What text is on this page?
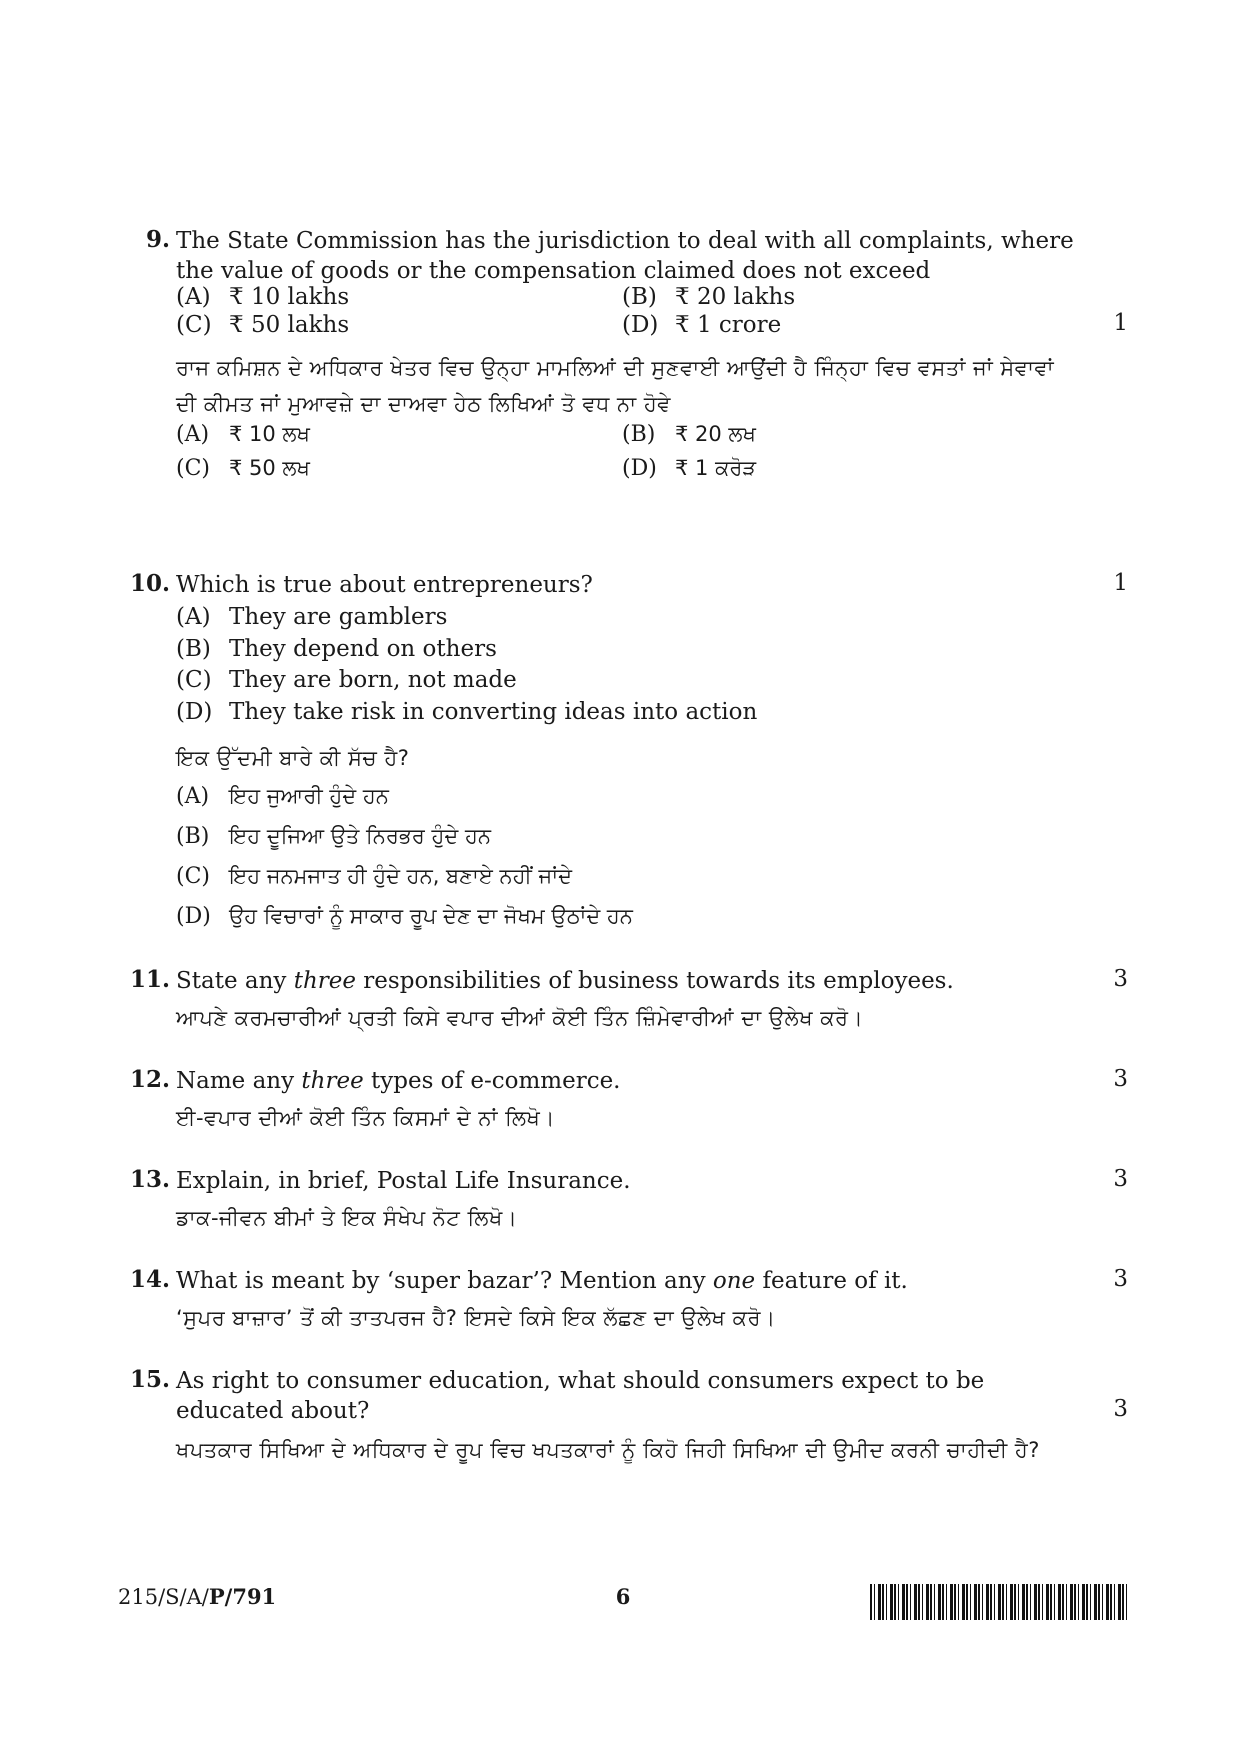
9. The State Commission has the jurisdiction to deal with all complaints, where the value of goods or the compensation claimed does not exceed
(A) ₹ 10 lakhs	(B) ₹ 20 lakhs
(C) ₹ 50 lakhs	(D) ₹ 1 crore	1
ਰਾਜ ਕਮਿਸ਼ਨ ਦੇ ਅਧਿਕਾਰ ਖੇਤਰ ਵਿਚ ਉਨ੍ਹਾ ਮਾਮਲਿਆਂ ਦੀ ਸੁਣਵਾਈ ਆਉਂਦੀ ਹੈ ਜਿੰਨ੍ਹਾ ਵਿਚ ਵਸਤਾਂ ਜਾਂ ਸੇਵਾਵਾਂ ਦੀ ਕੀਮਤ ਜਾਂ ਮੁਆਵਜ਼ੇ ਦਾ ਦਾਅਵਾ ਹੇਠ ਲਿਖਿਆਂ ਤੋ ਵਧ ਨਾ ਹੋਵੇ
(A) ₹ 10 ਲਖ	(B) ₹ 20 ਲਖ
(C) ₹ 50 ਲਖ	(D) ₹ 1 ਕਰੋੜ
10. Which is true about entrepreneurs?	1
(A) They are gamblers
(B) They depend on others
(C) They are born, not made
(D) They take risk in converting ideas into action
ਇਕ ਉੱਦਮੀ ਬਾਰੇ ਕੀ ਸੱਚ ਹੈ?
(A) ਇਹ ਜੁਆਰੀ ਹੁੰਦੇ ਹਨ
(B) ਇਹ ਦੂਜਿਆ ਉਤੇ ਨਿਰਭਰ ਹੁੰਦੇ ਹਨ
(C) ਇਹ ਜਨਮਜਾਤ ਹੀ ਹੁੰਦੇ ਹਨ, ਬਣਾਏ ਨਹੀਂ ਜਾਂਦੇ
(D) ਉਹ ਵਿਚਾਰਾਂ ਨੂੰ ਸਾਕਾਰ ਰੂਪ ਦੇਣ ਦਾ ਜੋਖਮ ਉਠਾਂਦੇ ਹਨ
11. State any three responsibilities of business towards its employees.	3
ਆਪਣੇ ਕਰਮਚਾਰੀਆਂ ਪ੍ਰਤੀ ਕਿਸੇ ਵਪਾਰ ਦੀਆਂ ਕੋਈ ਤਿੰਨ ਜ਼ਿੰਮੇਵਾਰੀਆਂ ਦਾ ਉਲੇਖ ਕਰੋ।
12. Name any three types of e-commerce.	3
ਈ-ਵਪਾਰ ਦੀਆਂ ਕੋਈ ਤਿੰਨ ਕਿਸਮਾਂ ਦੇ ਨਾਂ ਲਿਖੋ।
13. Explain, in brief, Postal Life Insurance.	3
ਡਾਕ-ਜੀਵਨ ਬੀਮਾਂ ਤੇ ਇਕ ਸੰਖੇਪ ਨੋਟ ਲਿਖੋ।
14. What is meant by ‘super bazar’? Mention any one feature of it.	3
‘ਸੁਪਰ ਬਾਜ਼ਾਰ’ ਤੋਂ ਕੀ ਤਾਤਪਰਜ ਹੈ? ਇਸਦੇ ਕਿਸੇ ਇਕ ਲੱਛਣ ਦਾ ਉਲੇਖ ਕਰੋ।
15. As right to consumer education, what should consumers expect to be educated about?	3
ਖਪਤਕਾਰ ਸਿਖਿਆ ਦੇ ਅਧਿਕਾਰ ਦੇ ਰੂਪ ਵਿਚ ਖਪਤਕਾਰਾਂ ਨੂੰ ਕਿਹੋ ਜਿਹੀ ਸਿਖਿਆ ਦੀ ਉਮੀਦ ਕਰਨੀ ਚਾਹੀਦੀ ਹੈ?
215/S/A/P/791	6
